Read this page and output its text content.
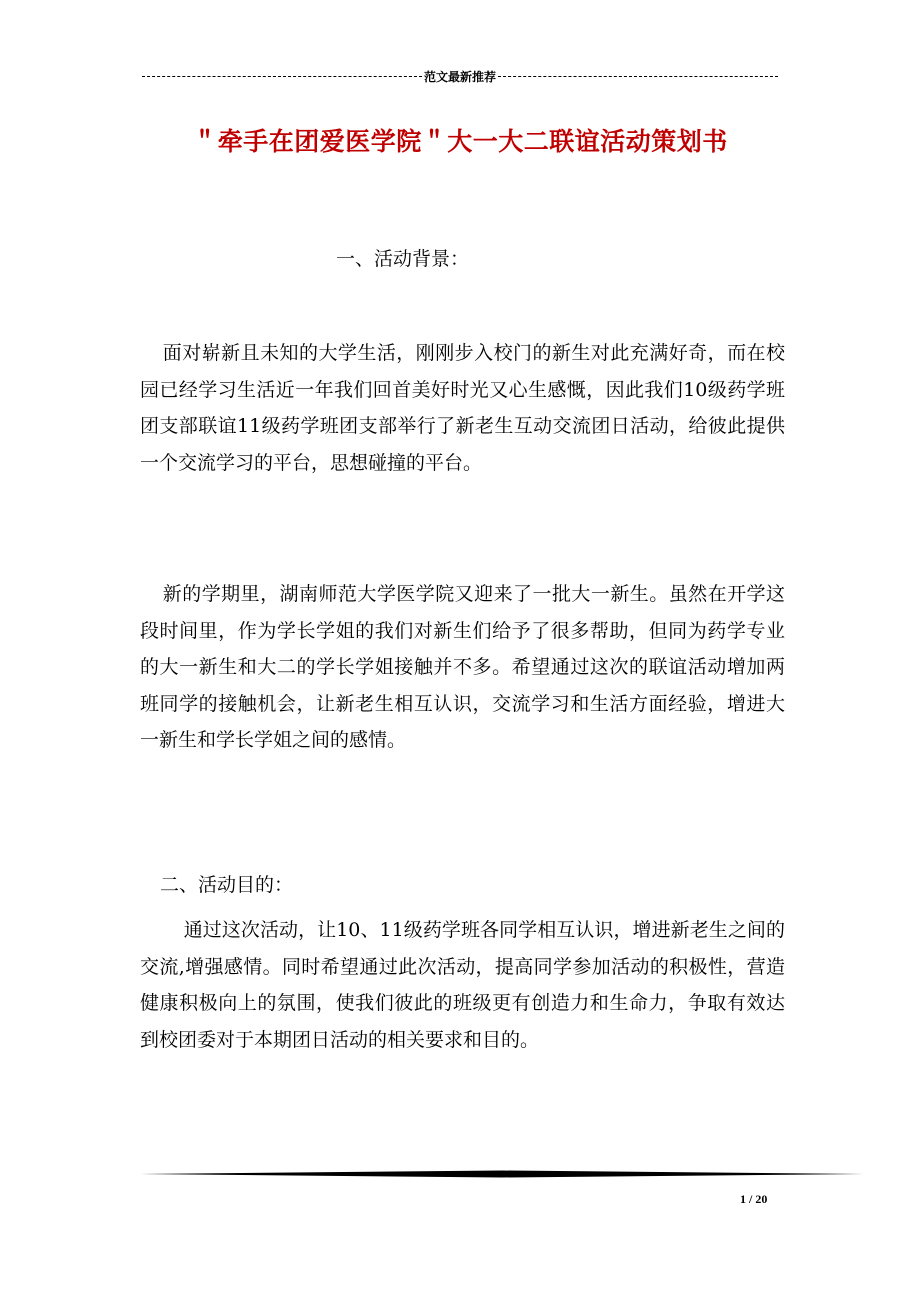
范文最新推荐
＂牵手在团爱医学院＂大一大二联谊活动策划书
一、活动背景：
面对崭新且未知的大学生活，刚刚步入校门的新生对此充满好奇，而在校园已经学习生活近一年我们回首美好时光又心生感慨，因此我们10级药学班团支部联谊11级药学班团支部举行了新老生互动交流团日活动，给彼此提供一个交流学习的平台，思想碰撞的平台。
新的学期里，湖南师范大学医学院又迎来了一批大一新生。虽然在开学这段时间里，作为学长学姐的我们对新生们给予了很多帮助，但同为药学专业的大一新生和大二的学长学姐接触并不多。希望通过这次的联谊活动增加两班同学的接触机会，让新老生相互认识，交流学习和生活方面经验，增进大一新生和学长学姐之间的感情。
二、活动目的：
通过这次活动，让10、11级药学班各同学相互认识，增进新老生之间的交流,增强感情。同时希望通过此次活动，提高同学参加活动的积极性，营造健康积极向上的氛围，使我们彼此的班级更有创造力和生命力，争取有效达到校团委对于本期团日活动的相关要求和目的。
1 / 20
